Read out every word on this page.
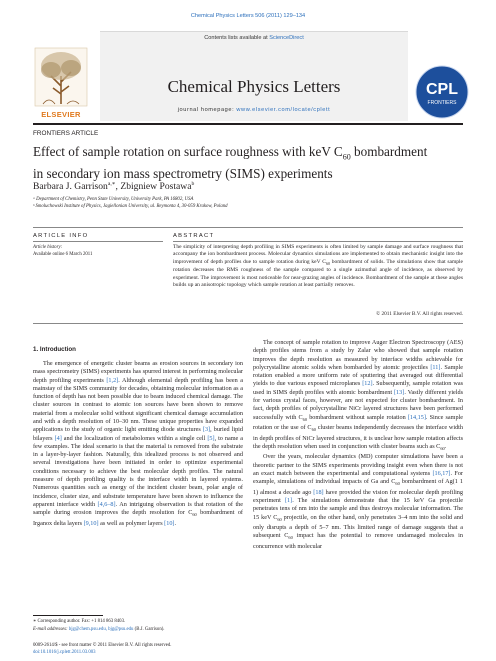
Chemical Physics Letters 506 (2011) 129–134
Contents lists available at ScienceDirect
Chemical Physics Letters
journal homepage: www.elsevier.com/locate/cplett
ELSEVIER
CPL
FRONTIERS
FRONTIERS ARTICLE
Effect of sample rotation on surface roughness with keV $C_{60}$ bombardment
in secondary ion mass spectrometry (SIMS) experiments
Barbara J. Garrison$^{a,∗}$, Zbigniew Postawa$^b$
ᵃ Department of Chemistry, Penn State University, University Park, PA 16802, USA
ᵇ Smoluchowski Institute of Physics, Jagiellonian University, ul. Reymonta 4, 30-059 Krakow, Poland
ARTICLE INFO	ABSTRACT
Article history:
Available online 6 March 2011
The simplicity of interpreting depth profiling in SIMS experiments is often limited by sample damage and surface roughness that accompany the ion bombardment process. Molecular dynamics simulations are implemented to obtain mechanistic insight into the improvement of depth profiles due to sample rotation during keV $C_{60}$ bombardment of solids. The simulations show that sample rotation decreases the RMS roughness of the sample compared to a single azimuthal angle of incidence, as observed by experiment. The improvement is most noticeable for near-grazing angles of incidence. Bombardment of the sample at these angles builds up an anisotropic topology which sample rotation at least partially removes.
© 2011 Elsevier B.V. All rights reserved.
1. Introduction

The emergence of energetic cluster beams as erosion sources in secondary ion mass spectrometry (SIMS) experiments has spurred interest in performing molecular depth profiling experiments [1,2]. Although elemental depth profiling has been a mainstay of the SIMS community for decades, obtaining molecular information as a function of depth has not been possible due to beam induced chemical damage. The cluster sources in contrast to atomic ion sources have been shown to remove material from a molecular solid without significant chemical damage accumulation and with a depth resolution of 10–30 nm. These unique properties have expanded applications to the study of organic light emitting diode structures [3], buried lipid bilayers [4] and the localization of metabolomes within a single cell [5], to name a few examples. The ideal scenario is that the material is removed from the substrate in a layer-by-layer fashion. Naturally, this idealized process is not observed and several investigations have been initiated in order to optimize experimental conditions necessary to achieve the best molecular depth profiles. The natural measure of depth profiling quality is the interface width in layered systems. Numerous quantities such as energy of the incident cluster beam, polar angle of incidence, cluster size, and substrate temperature have been shown to influence the apparent interface width [4,6–8]. An intriguing observation is that rotation of the sample during erosion improves the depth resolution for $C_{60}$ bombardment of Irganox delta layers [9,10] as well as polymer layers [10].

The concept of sample rotation to improve Auger Electron Spectroscopy (AES) depth profiles stems from a study by Zalar who showed that sample rotation improves the depth resolution as measured by interface widths achievable for polycrystalline atomic solids when bombarded by atomic projectiles [11]. Sample rotation enabled a more uniform rate of sputtering that averaged out differential yields to due various exposed microplanes [12]. Subsequently, sample rotation was used in SIMS depth profiles with atomic bombardment [13]. Vastly different yields for various crystal faces, however, are not expected for cluster bombardment. In fact, depth profiles of polycrystalline NiCr layered structures have been performed successfully with $C_{60}$ bombardment without sample rotation [14,15]. Since sample rotation or the use of $C_{60}$ cluster beams independently decreases the interface width in depth profiles of NiCr layered structures, it is unclear how sample rotation affects the depth resolution when used in conjunction with cluster beams such as $C_{60}$.

Over the years, molecular dynamics (MD) computer simulations have been a theoretic partner to the SIMS experiments providing insight even when there is not an exact match between the experimental and computational systems [16,17]. For example, simulations of individual impacts of Ga and $C_{60}$ bombardment of Ag(1 1 1) almost a decade ago [18] have provided the vision for molecular depth profiling experiment [1]. The simulations demonstrate that the 15 keV Ga projectile penetrates tens of nm into the sample and thus destroys molecular information. The 15 keV $C_{60}$ projectile, on the other hand, only penetrates 3–4 nm into the solid and only disrupts a depth of 5–7 nm. This limited range of damage suggests that a subsequent $C_{60}$ impact has the potential to remove undamaged molecules in concurrence with molecular

∗ Corresponding author. Fax: +1 814 863 8403.
E-mail addresses: bjg@chem.psu.edu, bjg@psu.edu (B.J. Garrison).
0009-2614/$ - see front matter © 2011 Elsevier B.V. All rights reserved.
doi:10.1016/j.cplett.2011.03.003
